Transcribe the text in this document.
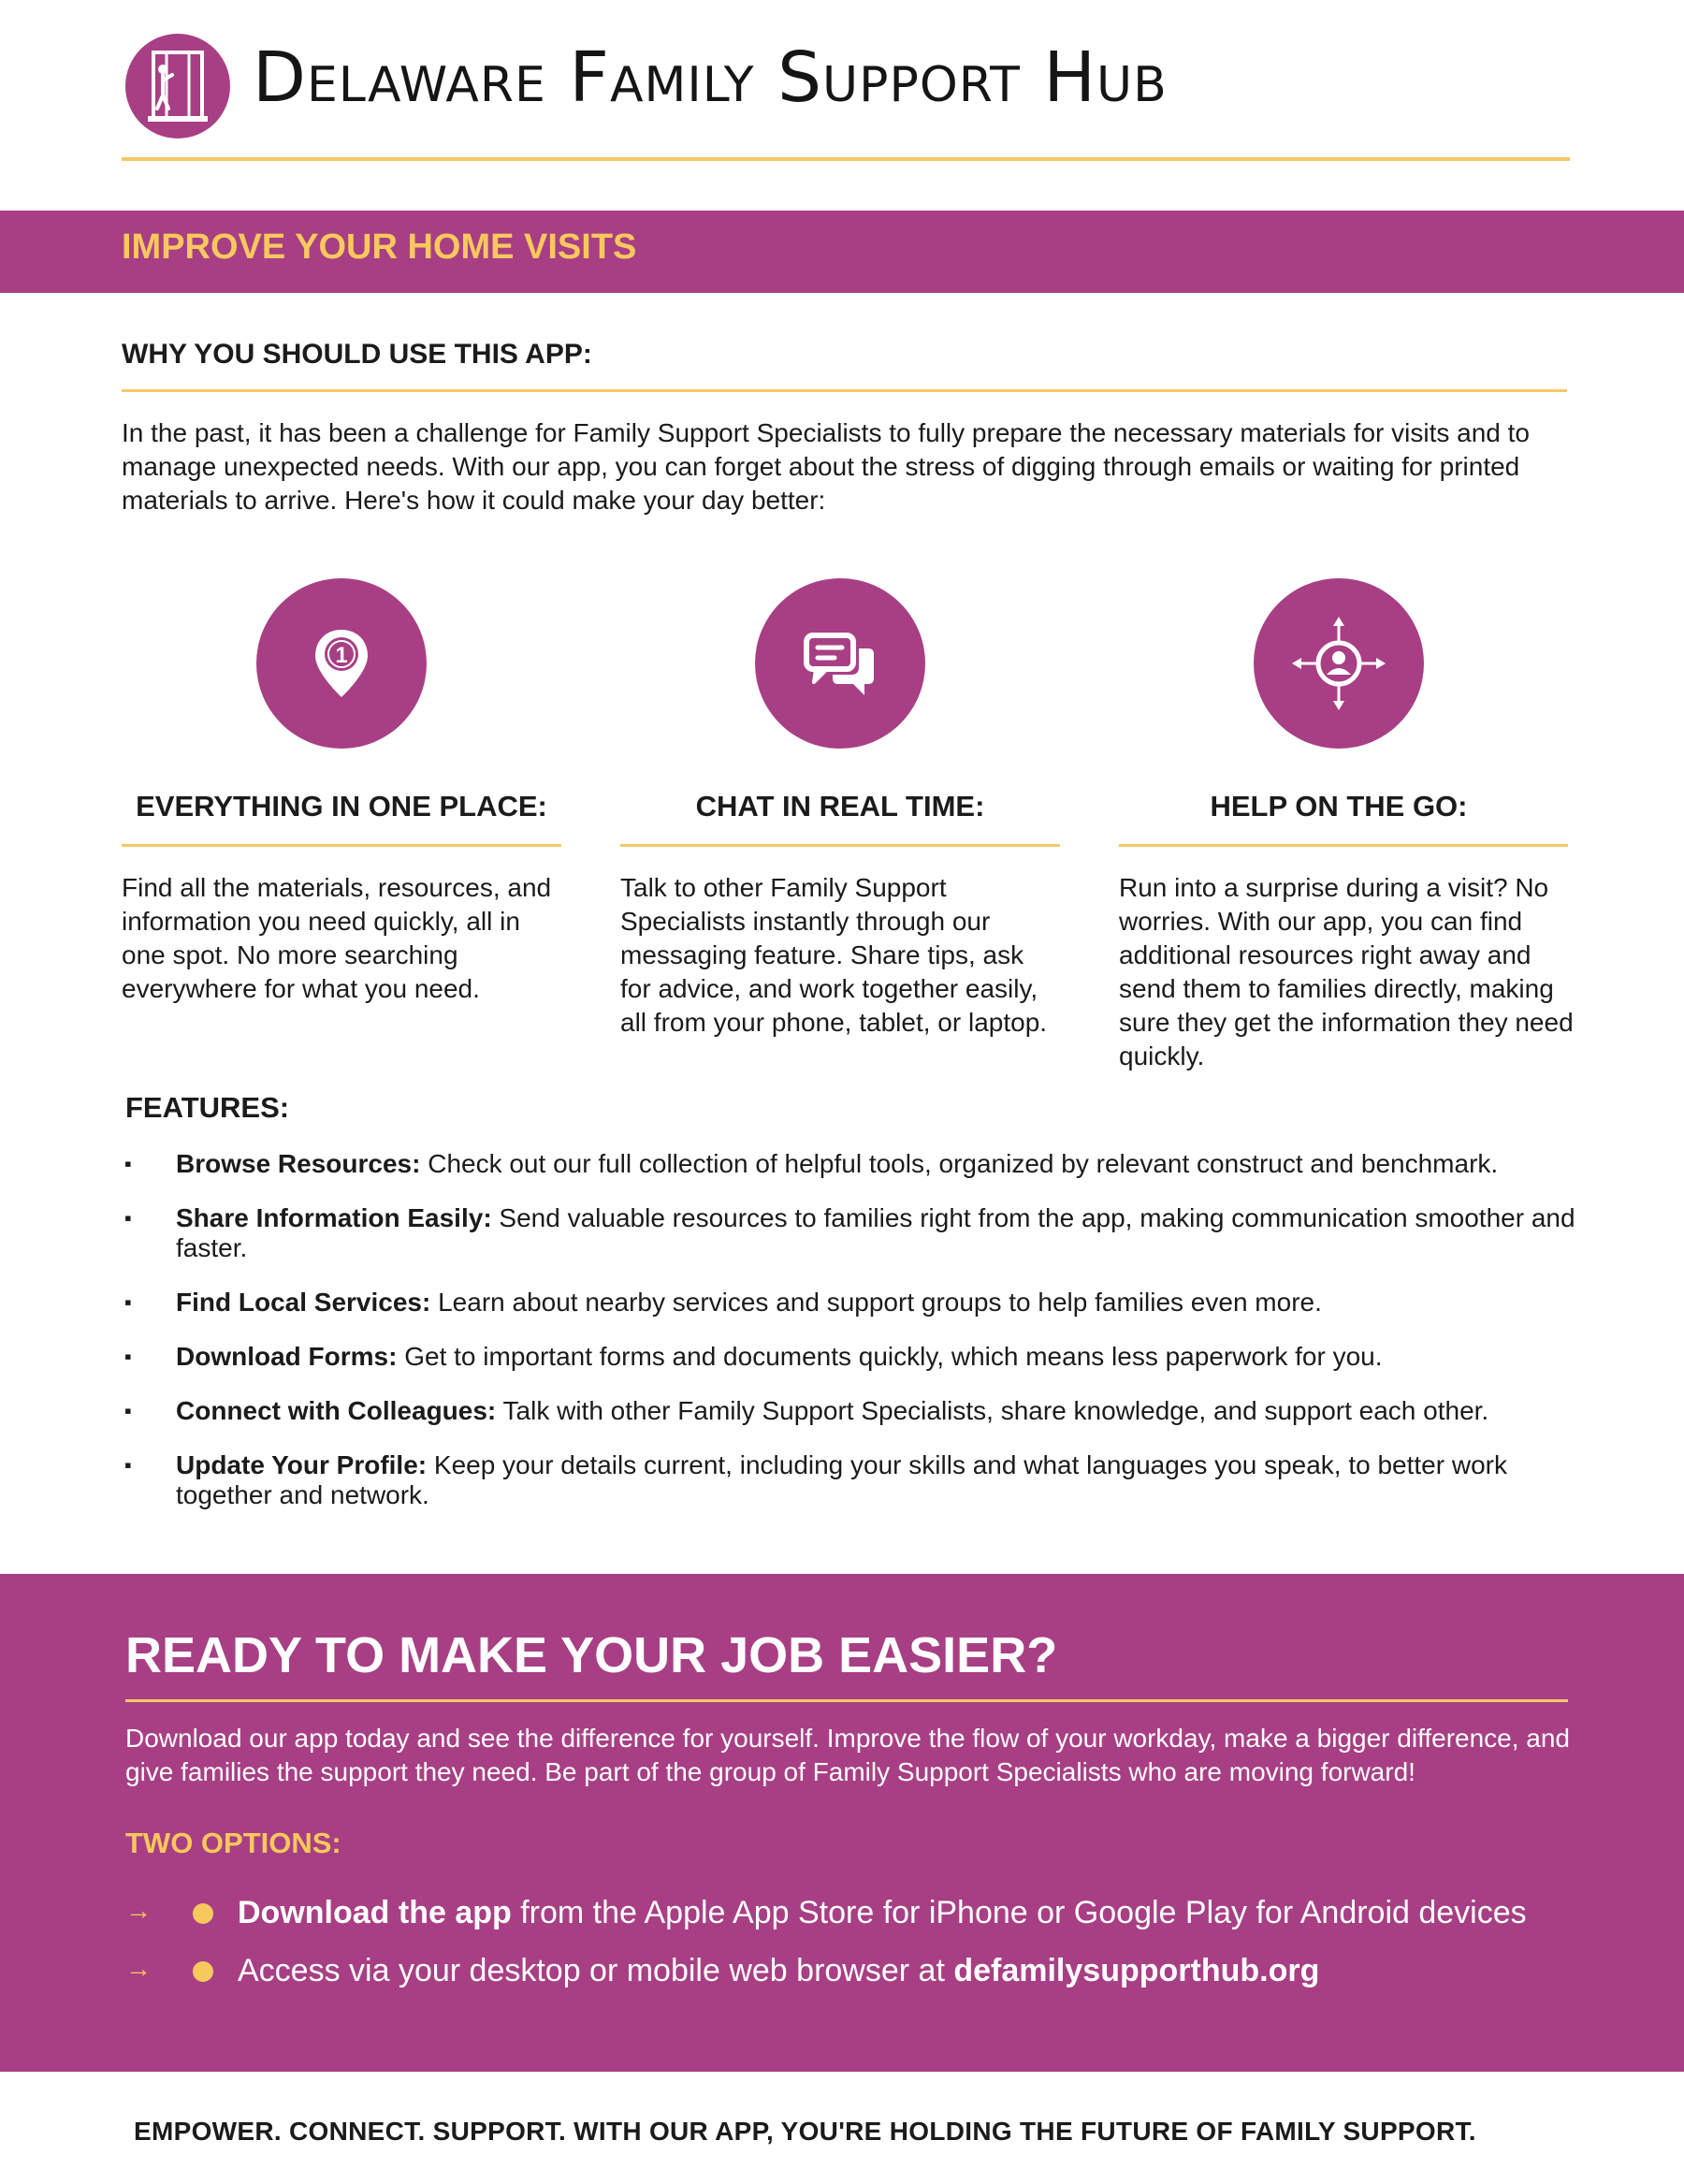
Delaware Family Support Hub
IMPROVE YOUR HOME VISITS
WHY YOU SHOULD USE THIS APP:
In the past, it has been a challenge for Family Support Specialists to fully prepare the necessary materials for visits and to manage unexpected needs. With our app, you can forget about the stress of digging through emails or waiting for printed materials to arrive. Here's how it could make your day better:
1
EVERYTHING IN ONE PLACE:
Find all the materials, resources, and information you need quickly, all in one spot. No more searching everywhere for what you need.
CHAT IN REAL TIME:
Talk to other Family Support Specialists instantly through our messaging feature. Share tips, ask for advice, and work together easily, all from your phone, tablet, or laptop.
HELP ON THE GO:
Run into a surprise during a visit? No worries. With our app, you can find additional resources right away and send them to families directly, making sure they get the information they need quickly.
FEATURES:
▪ Browse Resources: Check out our full collection of helpful tools, organized by relevant construct and benchmark.
▪ Share Information Easily: Send valuable resources to families right from the app, making communication smoother and faster.
▪ Find Local Services: Learn about nearby services and support groups to help families even more.
▪ Download Forms: Get to important forms and documents quickly, which means less paperwork for you.
▪ Connect with Colleagues: Talk with other Family Support Specialists, share knowledge, and support each other.
▪ Update Your Profile: Keep your details current, including your skills and what languages you speak, to better work together and network.
READY TO MAKE YOUR JOB EASIER?
Download our app today and see the difference for yourself. Improve the flow of your workday, make a bigger difference, and give families the support they need. Be part of the group of Family Support Specialists who are moving forward!
TWO OPTIONS:
→	Download the app from the Apple App Store for iPhone or Google Play for Android devices
→	Access via your desktop or mobile web browser at defamilysupporthub.org
EMPOWER. CONNECT. SUPPORT. WITH OUR APP, YOU'RE HOLDING THE FUTURE OF FAMILY SUPPORT.
